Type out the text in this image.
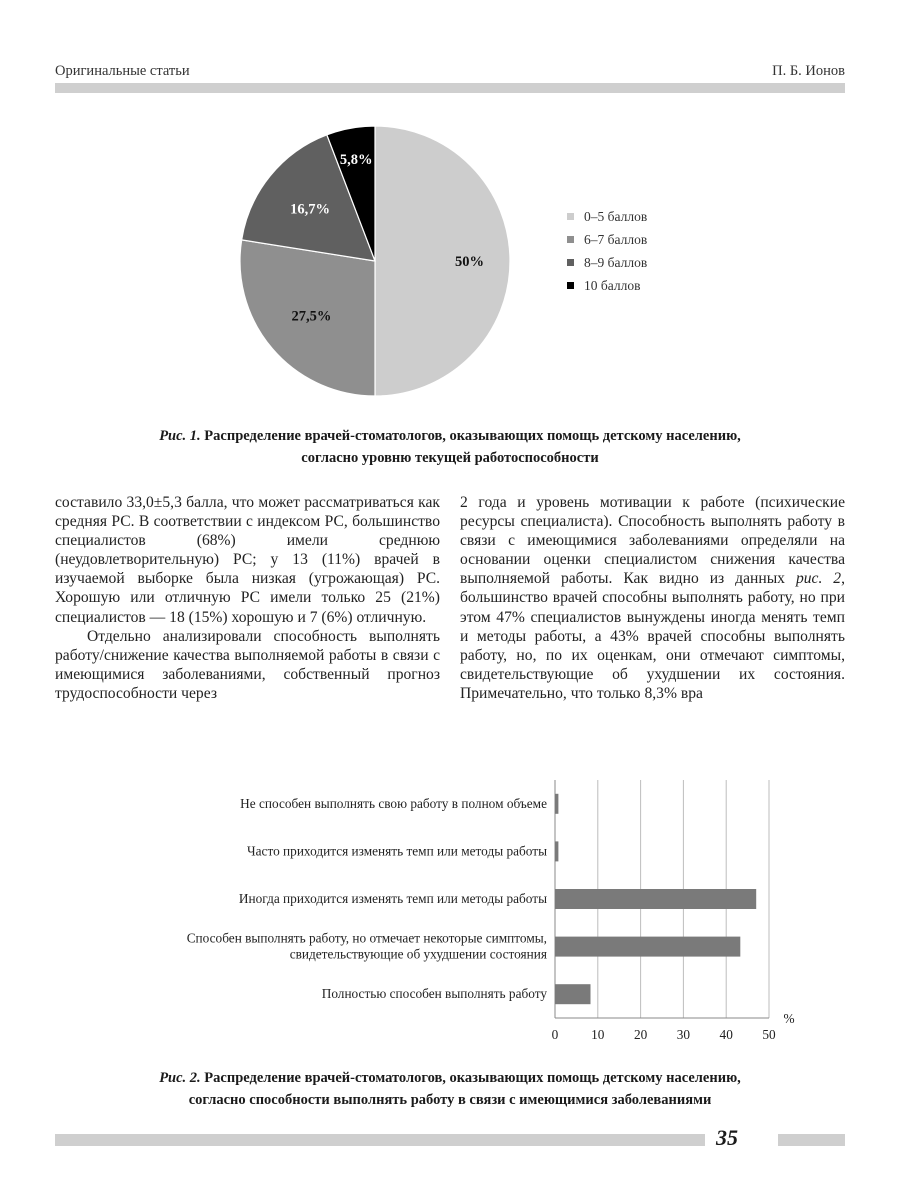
Оригинальные статьи	П. Б. Ионов
50%
27,5%
16,7%
5,8%
0–5 баллов
6–7 баллов
8–9 баллов
10 баллов
Рис. 1. Распределение врачей-стоматологов, оказывающих помощь детскому населению,
согласно уровню текущей работоспособности

составило 33,0±5,3 балла, что может рассматриваться как средняя РС. В соответствии с индексом РС, большинство специалистов (68%) имели среднюю (неудовлетворительную) РС; у 13 (11%) врачей в изучаемой выборке была низкая (угрожающая) РС. Хорошую или отличную РС имели только 25 (21%) специалистов — 18 (15%) хорошую и 7 (6%) отличную.

Отдельно анализировали способность выполнять работу/снижение качества выполняемой работы в связи с имеющимися заболеваниями, собственный прогноз трудоспособности через

2 года и уровень мотивации к работе (психические ресурсы специалиста). Способность выполнять работу в связи с имеющимися заболеваниями определяли на основании оценки специалистом снижения качества выполняемой работы. Как видно из данных рис. 2, большинство врачей способны выполнять работу, но при этом 47% специалистов вынуждены иногда менять темп и методы работы, а 43% врачей способны выполнять работу, но, по их оценкам, они отмечают симптомы, свидетельствующие об ухудшении их состояния. Примечательно, что только 8,3% вра

Не способен выполнять свою работу в полном объеме
Часто приходится изменять темп или методы работы
Иногда приходится изменять темп или методы работы
Способен выполнять работу, но отмечает некоторые симптомы,
свидетельствующие об ухудшении состояния
Полностью способен выполнять работу
0 10 20 30 40 50
%
Рис. 2. Распределение врачей-стоматологов, оказывающих помощь детскому населению,
согласно способности выполнять работу в связи с имеющимися заболеваниями
35
